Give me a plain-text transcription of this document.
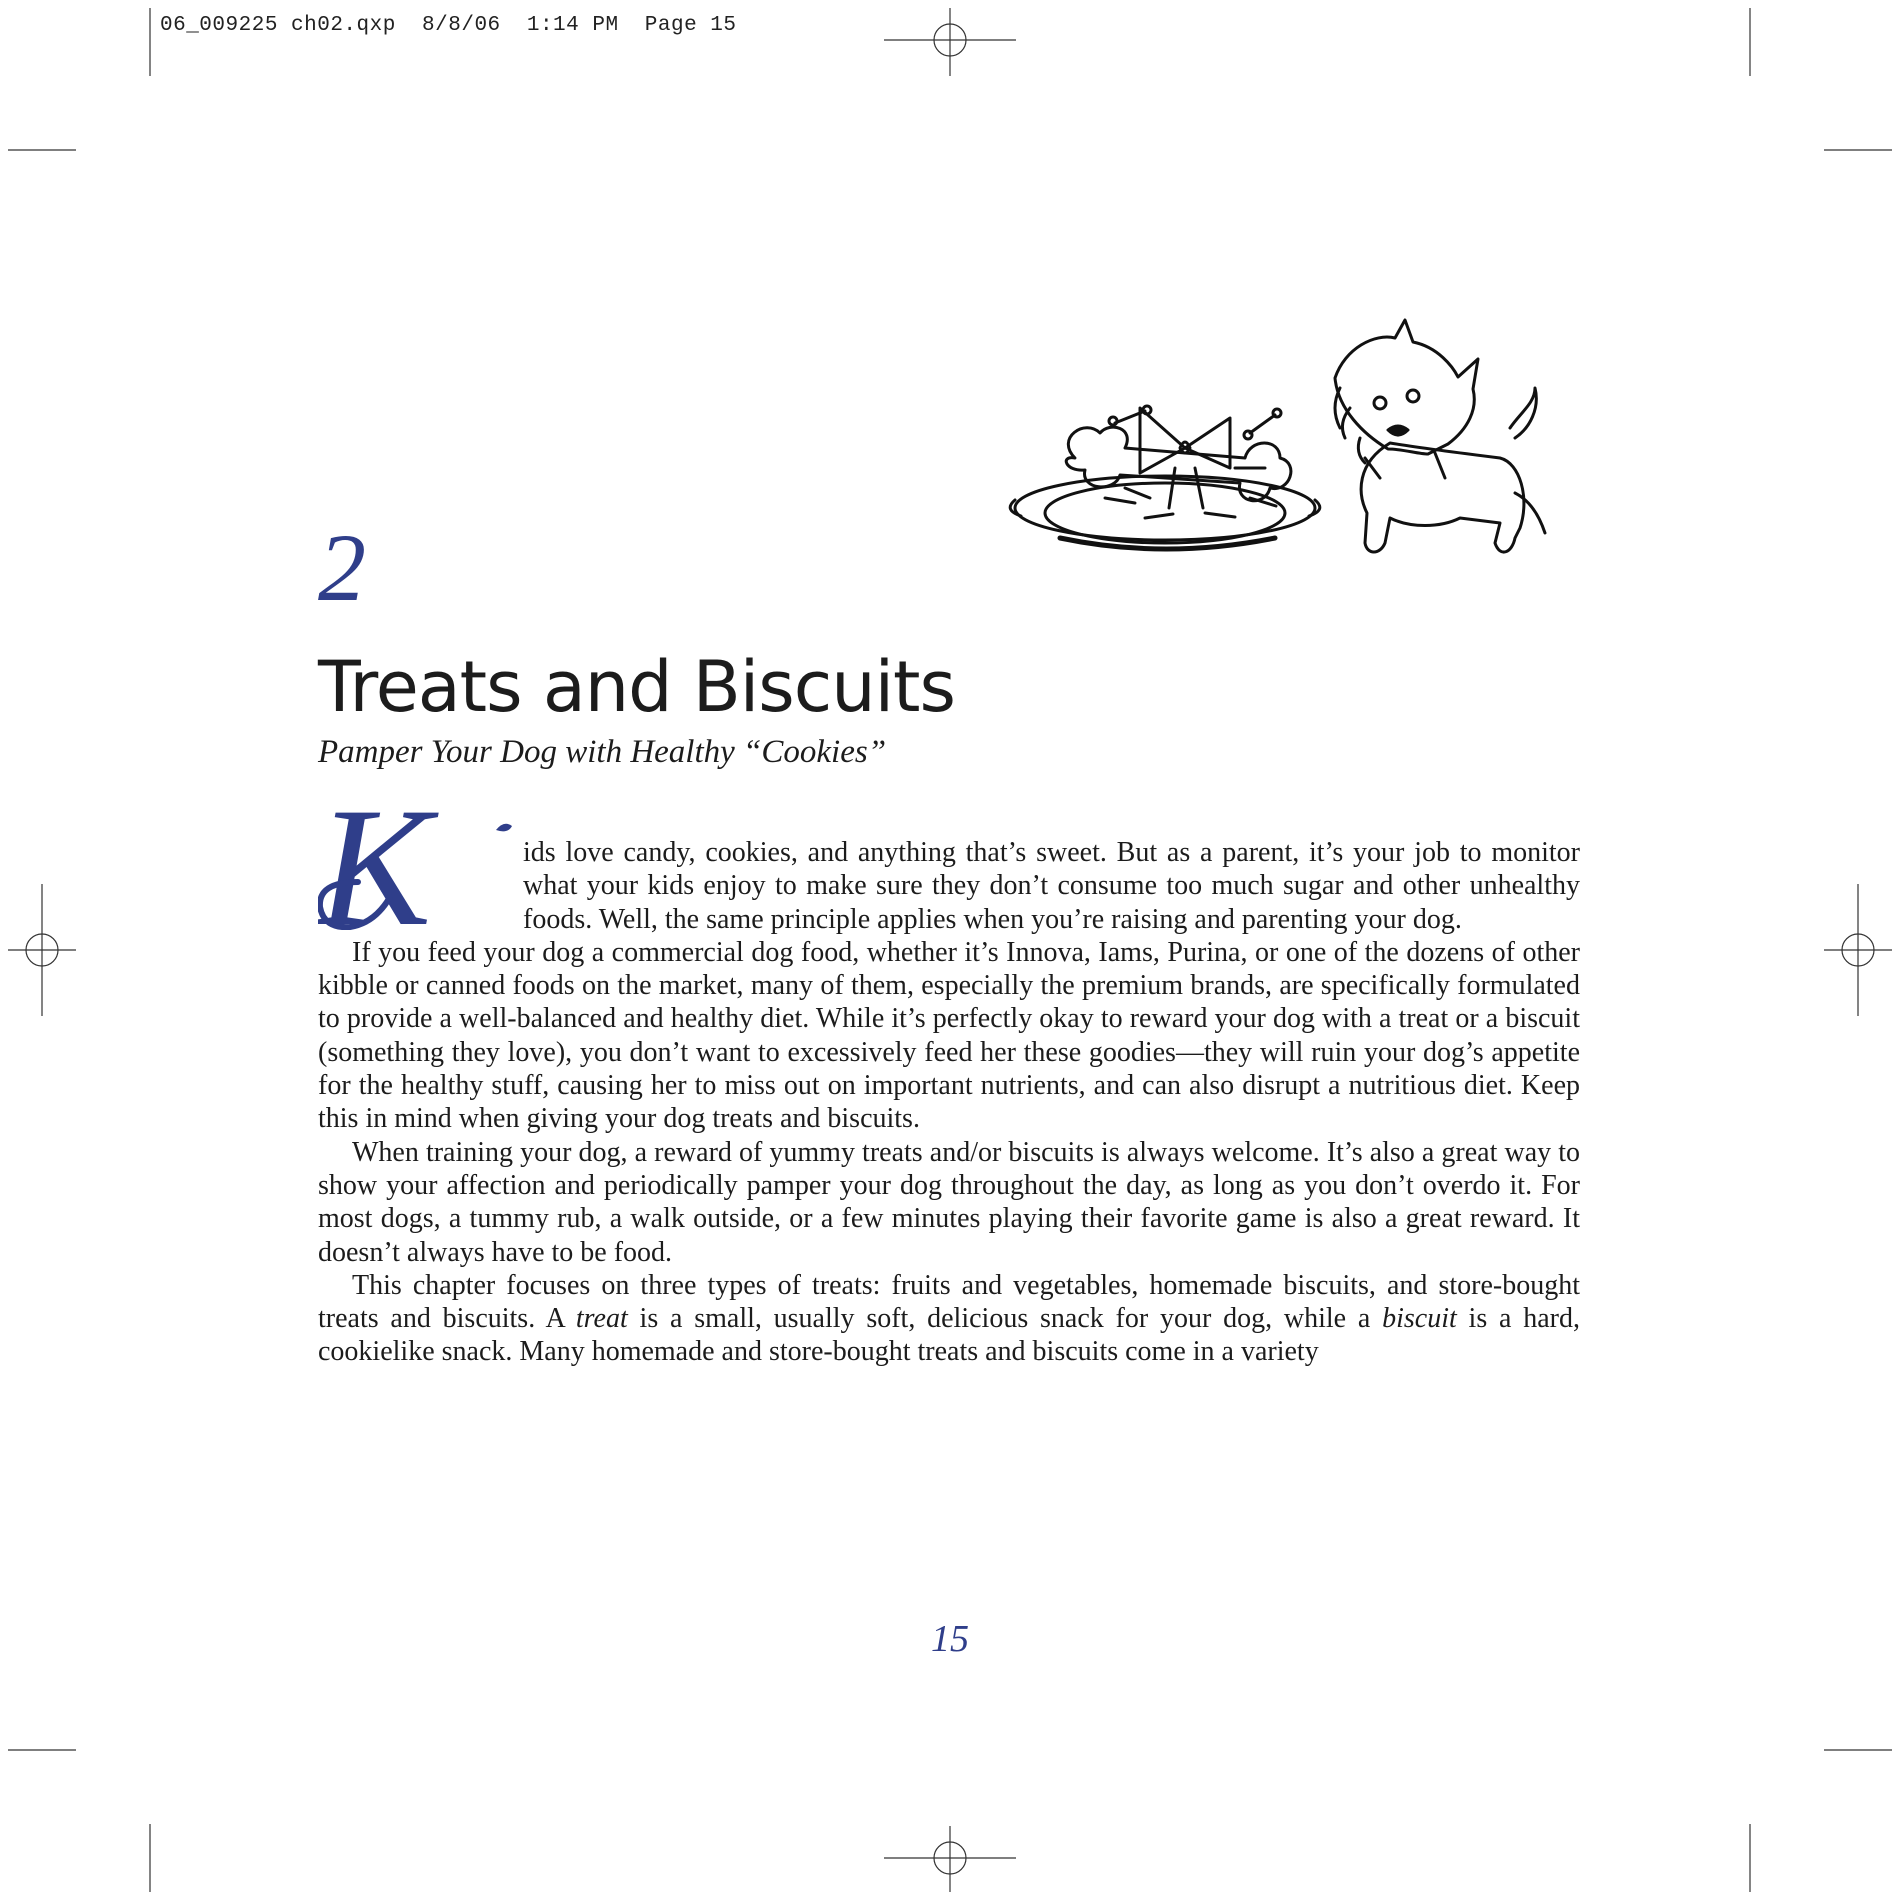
06_009225 ch02.qxp  8/8/06  1:14 PM  Page 15
2
Treats and Biscuits

Pamper Your Dog with Healthy “Cookies”

K	ids love candy, cookies, and anything that’s sweet. But as a parent, it’s your job to monitor what your kids enjoy to make sure they don’t consume too much sugar and other unhealthy foods. Well, the same principle applies when you’re raising and parenting your dog.

If you feed your dog a commercial dog food, whether it’s Innova, Iams, Purina, or one of the dozens of other kibble or canned foods on the market, many of them, especially the premium brands, are specifically formulated to provide a well-balanced and healthy diet. While it’s perfectly okay to reward your dog with a treat or a biscuit (something they love), you don’t want to excessively feed her these goodies—they will ruin your dog’s appetite for the healthy stuff, causing her to miss out on important nutrients, and can also disrupt a nutritious diet. Keep this in mind when giving your dog treats and biscuits.

When training your dog, a reward of yummy treats and/or biscuits is always welcome. It’s also a great way to show your affection and periodically pamper your dog throughout the day, as long as you don’t overdo it. For most dogs, a tummy rub, a walk outside, or a few minutes playing their favorite game is also a great reward. It doesn’t always have to be food.

This chapter focuses on three types of treats: fruits and vegetables, homemade biscuits, and store-bought treats and biscuits. A treat is a small, usually soft, delicious snack for your dog, while a biscuit is a hard, cookielike snack. Many homemade and store-bought treats and biscuits come in a variety

15
